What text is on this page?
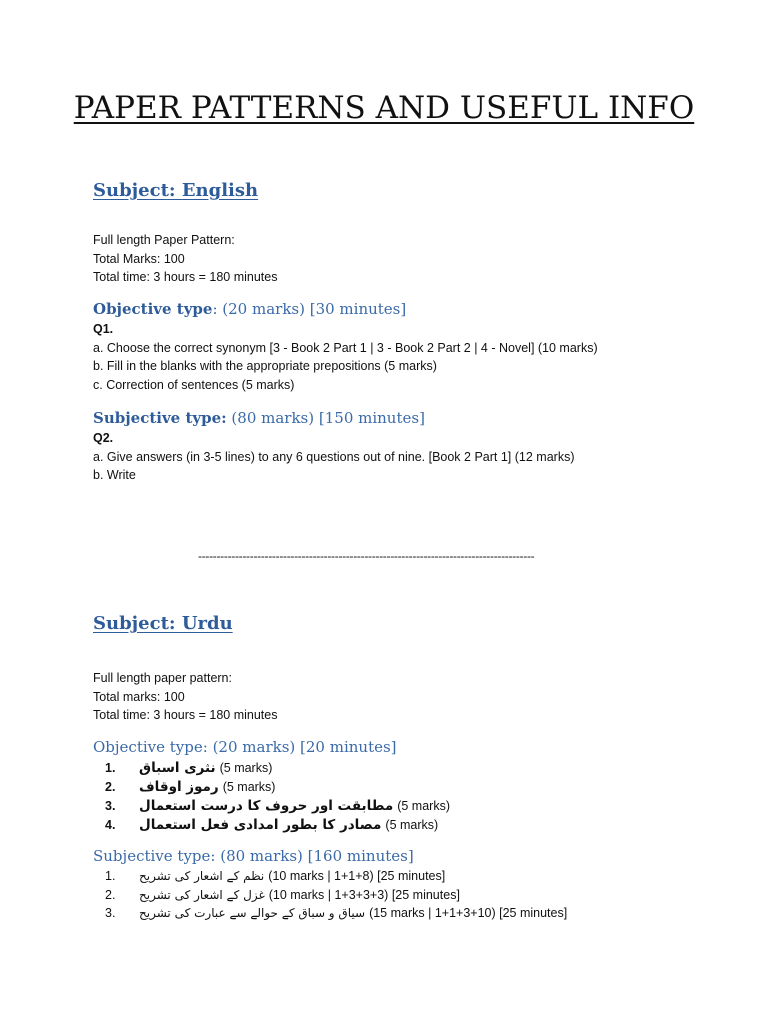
PAPER PATTERNS AND USEFUL INFO
Subject: English
Full length Paper Pattern:
Total Marks: 100
Total time: 3 hours = 180 minutes
Objective type: (20 marks) [30 minutes]
Q1.
a. Choose the correct synonym [3 - Book 2 Part 1 | 3 - Book 2 Part 2 | 4 - Novel] (10 marks)
b. Fill in the blanks with the appropriate prepositions (5 marks)
c. Correction of sentences (5 marks)
Subjective type: (80 marks) [150 minutes]
Q2.
a. Give answers (in 3-5 lines) to any 6 questions out of nine. [Book 2 Part 1] (12 marks)
b. Write
-------------------------------------------------------------------------------------------
Subject: Urdu
Full length paper pattern:
Total marks: 100
Total time: 3 hours = 180 minutes
Objective type: (20 marks) [20 minutes]
1.	نثری اسباق (5 marks)
2.	رموز اوقاف (5 marks)
3.	مطابقت اور حروف کا درست استعمال (5 marks)
4.	مصادر کا بطور امدادی فعل استعمال (5 marks)
Subjective type: (80 marks) [160 minutes]
1.	نظم کے اشعار کی تشریح (10 marks | 1+1+8) [25 minutes]
2.	غزل کے اشعار کی تشریح (10 marks | 1+3+3+3) [25 minutes]
3.	سیاق و سباق کے حوالے سے عبارت کی تشریح (15 marks | 1+1+3+10) [25 minutes]
